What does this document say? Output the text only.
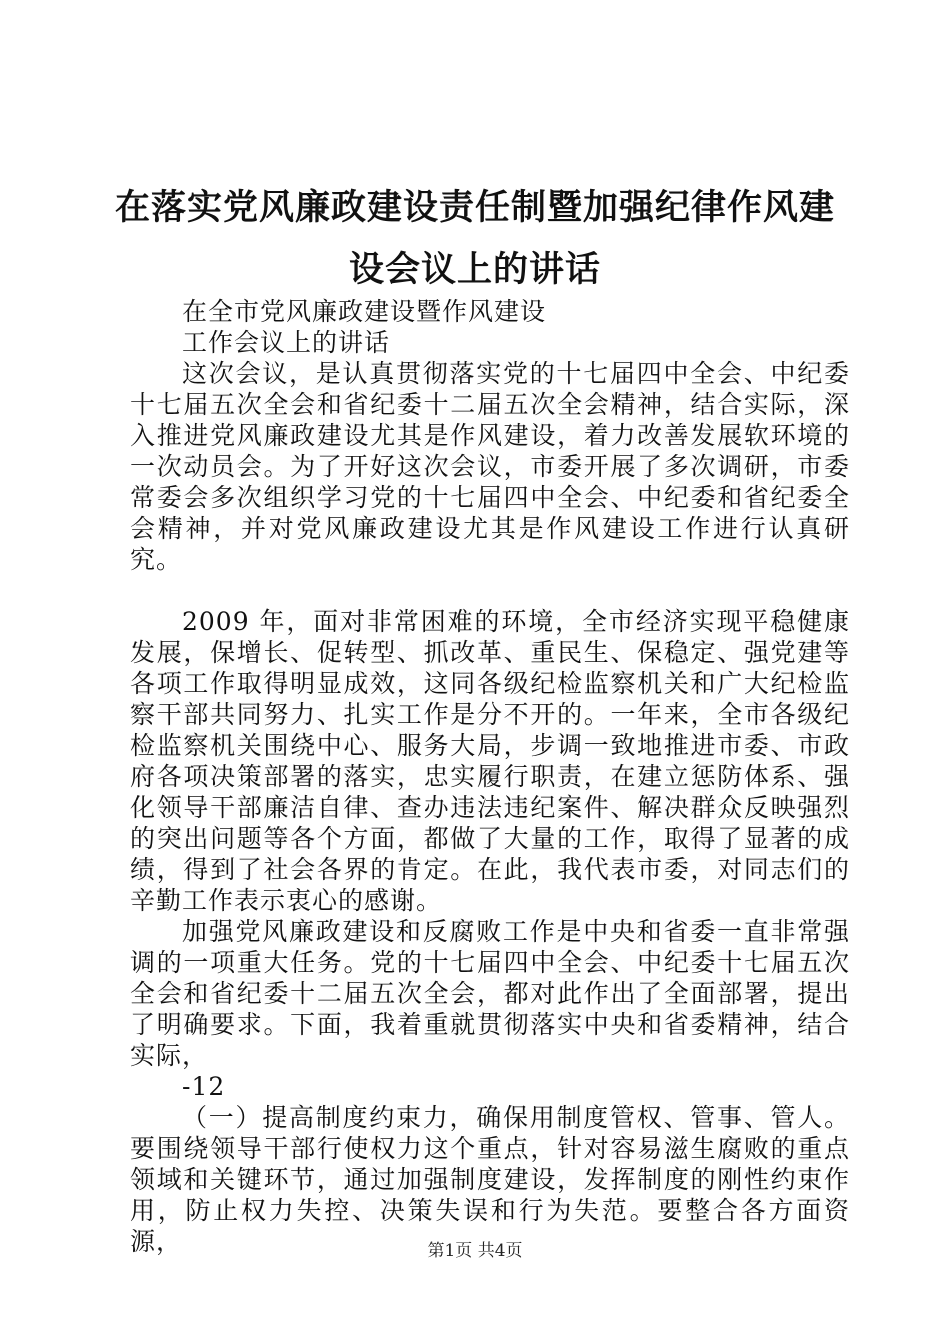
在落实党风廉政建设责任制暨加强纪律作风建
设会议上的讲话

在全市党风廉政建设暨作风建设

工作会议上的讲话

这次会议，是认真贯彻落实党的十七届四中全会、中纪委十七届五次全会和省纪委十二届五次全会精神，结合实际，深入推进党风廉政建设尤其是作风建设，着力改善发展软环境的一次动员会。为了开好这次会议，市委开展了多次调研，市委常委会多次组织学习党的十七届四中全会、中纪委和省纪委全会精神，并对党风廉政建设尤其是作风建设工作进行认真研究。

2009 年，面对非常困难的环境，全市经济实现平稳健康发展，保增长、促转型、抓改革、重民生、保稳定、强党建等各项工作取得明显成效，这同各级纪检监察机关和广大纪检监察干部共同努力、扎实工作是分不开的。一年来，全市各级纪检监察机关围绕中心、服务大局，步调一致地推进市委、市政府各项决策部署的落实，忠实履行职责，在建立惩防体系、强化领导干部廉洁自律、查办违法违纪案件、解决群众反映强烈的突出问题等各个方面，都做了大量的工作，取得了显著的成绩，得到了社会各界的肯定。在此，我代表市委，对同志们的辛勤工作表示衷心的感谢。

加强党风廉政建设和反腐败工作是中央和省委一直非常强调的一项重大任务。党的十七届四中全会、中纪委十七届五次全会和省纪委十二届五次全会，都对此作出了全面部署，提出了明确要求。下面，我着重就贯彻落实中央和省委精神，结合实际，

-12

（一）提高制度约束力，确保用制度管权、管事、管人。要围绕领导干部行使权力这个重点，针对容易滋生腐败的重点领域和关键环节，通过加强制度建设，发挥制度的刚性约束作用，防止权力失控、决策失误和行为失范。要整合各方面资源，	第1页 共4页
